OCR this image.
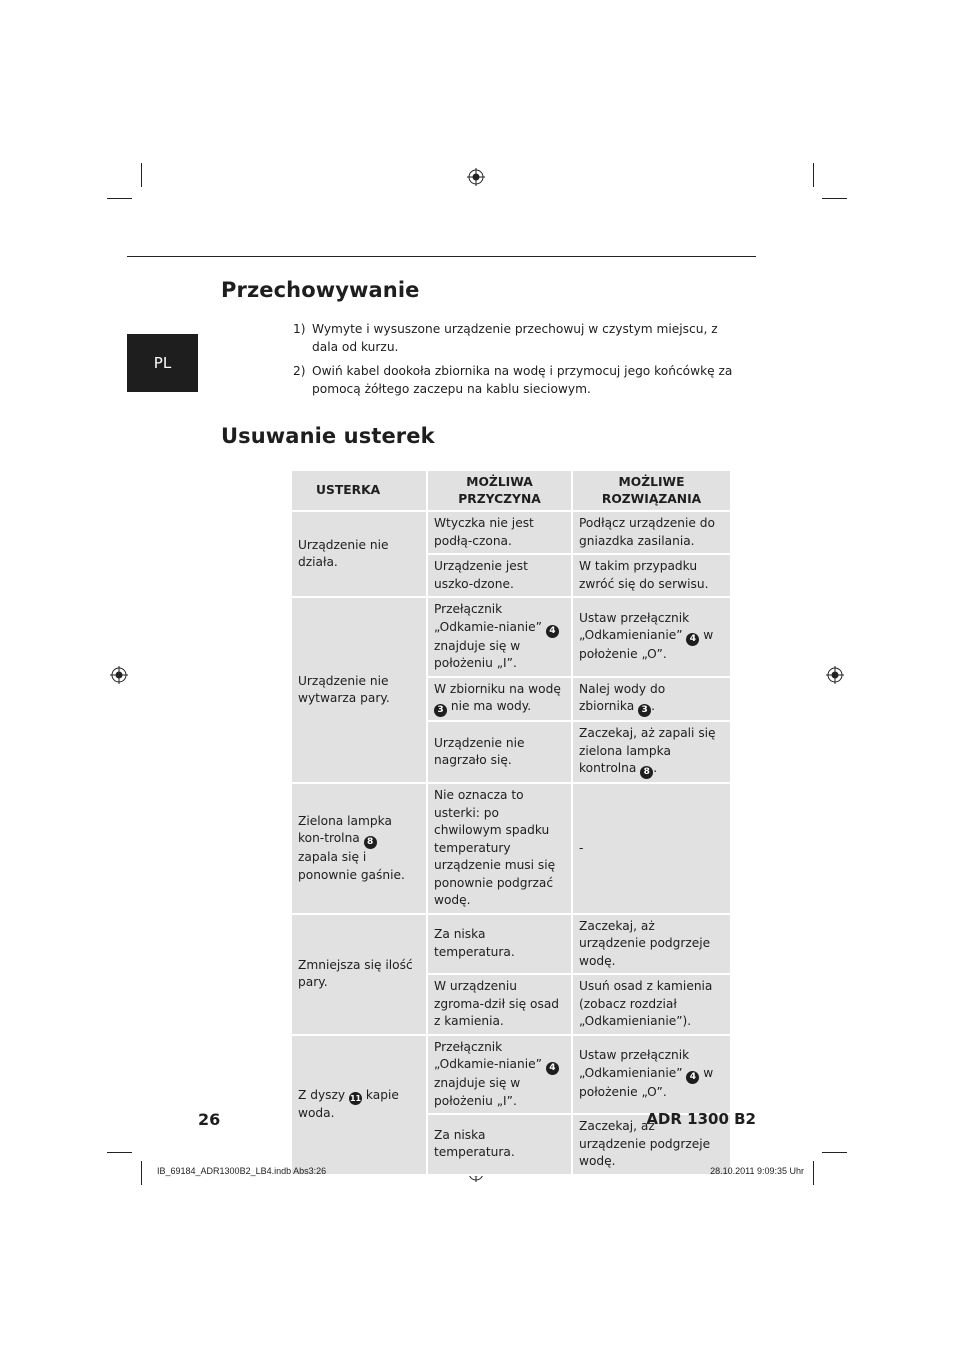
PL
Przechowywanie
1) Wymyte i wysuszone urządzenie przechowuj w czystym miejscu, z dala od kurzu.
2) Owiń kabel dookoła zbiornika na wodę i przymocuj jego końcówkę za pomocą żółtego zaczepu na kablu sieciowym.
Usuwanie usterek
USTERKA	MOŻLIWA PRZYCZYNA	MOŻLIWE ROZWIĄZANIA
Urządzenie nie działa.	Wtyczka nie jest podłą-czona.	Podłącz urządzenie do gniazdka zasilania.
	Urządzenie jest uszko-dzone.	W takim przypadku zwróć się do serwisu.
Urządzenie nie wytwarza pary.	Przełącznik „Odkamie-nianie” 4 znajduje się w położeniu „I”.	Ustaw przełącznik „Odkamienianie” 4 w położenie „O”.
	W zbiorniku na wodę 3 nie ma wody.	Nalej wody do zbiornika 3 .
	Urządzenie nie nagrzało się.	Zaczekaj, aż zapali się zielona lampka kontrolna 8 .
Zielona lampka kon-trolna 8 zapala się i ponownie gaśnie.	Nie oznacza to usterki: po chwilowym spadku temperatury urządzenie musi się ponownie podgrzać wodę.	-
Zmniejsza się ilość pary.	Za niska temperatura.	Zaczekaj, aż urządzenie podgrzeje wodę.
	W urządzeniu zgroma-dził się osad z kamienia.	Usuń osad z kamienia (zobacz rozdział „Odkamienianie”).
Z dyszy 11 kapie woda.	Przełącznik „Odkamie-nianie” 4 znajduje się w położeniu „I”.	Ustaw przełącznik „Odkamienianie” 4 w położenie „O”.
	Za niska temperatura.	Zaczekaj, aż urządzenie podgrzeje wodę.
26	ADR 1300 B2
IB_69184_ADR1300B2_LB4.indb Abs3:26	28.10.2011 9:09:35 Uhr
